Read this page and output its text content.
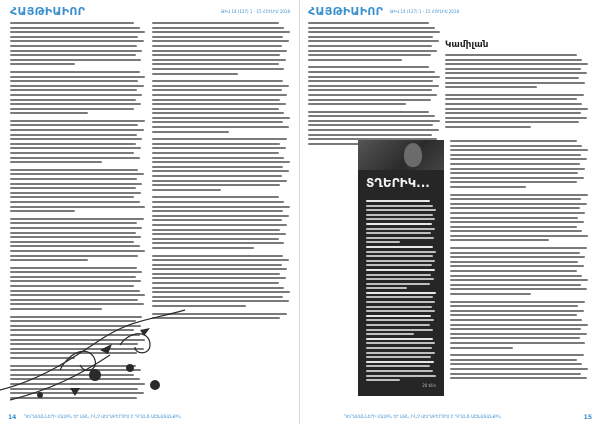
ՀԱՅԹԻԱԻՈՐ	ԹԻՎ 14 (127) 1 - 15 ՀՈՒԼԻՍ 2018
ԴԵՐԱՍԱՆՆԵՐԻ ՄԱՍԻՆ ԵՒ ԱՅՆ, ԻՆՉ ՎԵՐԱԲԵՐՈՒՄ Է ԴՐԱՆՑ ԱՇԽԱՏԱՆՔԻՆ
14
ՀԱՅԹԻԱԻՈՐ ԹԻՎ 14 (127) 1 - 15 ՀՈՒԼԻՍ 2018
Կամիլան
ՏՂԵՐԻԿ...
20 tilin
ԴԵՐԱՍԱՆՆԵՐԻ ՄԱՍԻՆ ԵՒ ԱՅՆ, ԻՆՉ ՎԵՐԱԲԵՐՈՒՄ Է ԴՐԱՆՑ ԱՇԽԱՏԱՆՔԻՆ	15
